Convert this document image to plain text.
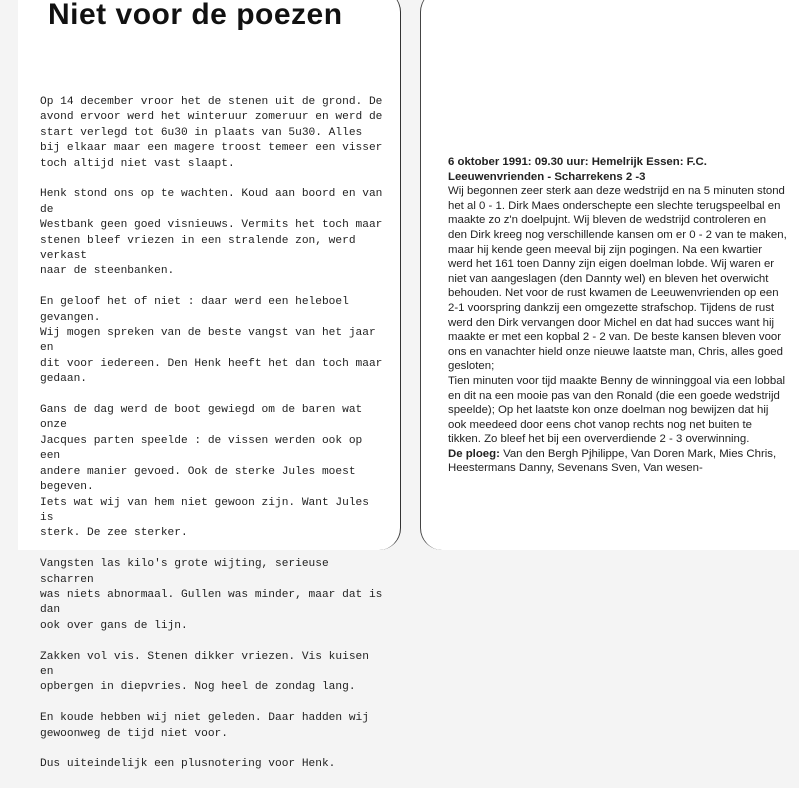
Niet voor de poezen

Op 14 december vroor het de stenen uit de grond. De
avond ervoor werd het winteruur zomeruur en werd de
start verlegd tot 6u30 in plaats van 5u30. Alles
bij elkaar maar een magere troost temeer een visser
toch altijd niet vast slaapt.

Henk stond ons op te wachten. Koud aan boord en van de
Westbank geen goed visnieuws. Vermits het toch maar
stenen bleef vriezen in een stralende zon, werd verkast
naar de steenbanken.

En geloof het of niet : daar werd een heleboel gevangen.
Wij mogen spreken van de beste vangst van het jaar en
dit voor iedereen. Den Henk heeft het dan toch maar
gedaan.

Gans de dag werd de boot gewiegd om de baren wat onze
Jacques parten speelde : de vissen werden ook op een
andere manier gevoed. Ook de sterke Jules moest begeven.
Iets wat wij van hem niet gewoon zijn. Want Jules is
sterk. De zee sterker.

Vangsten las kilo's grote wijting, serieuse scharren
was niets abnormaal. Gullen was minder, maar dat is dan
ook over gans de lijn.

Zakken vol vis. Stenen dikker vriezen. Vis kuisen en
opbergen in diepvries. Nog heel de zondag lang.

En koude hebben wij niet geleden. Daar hadden wij
gewoonweg de tijd niet voor.

Dus uiteindelijk een plusnotering voor Henk.

6 oktober 1991: 09.30 uur: Hemelrijk Essen: F.C. Leeuwenvrienden - Scharrekens 2 -3

Wij begonnen zeer sterk aan deze wedstrijd en na 5 minuten stond het al 0 - 1. Dirk Maes onderschepte een slechte terugspeelbal en maakte zo z'n doelpujnt. Wij bleven de wedstrijd controleren en den Dirk kreeg nog verschillende kansen om er 0 - 2 van te maken, maar hij kende geen meeval bij zijn pogingen. Na een kwartier werd het 161 toen Danny zijn eigen doelman lobde. Wij waren er niet van aangeslagen (den Dannty wel) en bleven het overwicht behouden. Net voor de rust kwamen de Leeuwenvrienden op een 2-1 voorspring dankzij een omgezette strafschop. Tijdens de rust werd den Dirk vervangen door Michel en dat had succes want hij maakte er met een kopbal 2 - 2 van. De beste kansen bleven voor ons en vanachter hield onze nieuwe laatste man, Chris, alles goed gesloten;

Tien minuten voor tijd maakte Benny de winninggoal via een lobbal en dit na een mooie pas van den Ronald (die een goede wedstrijd speelde); Op het laatste kon onze doelman nog bewijzen dat hij ook meedeed door eens chot vanop rechts nog net buiten te tikken. Zo bleef het bij een oververdiende 2 - 3 overwinning.

De ploeg: Van den Bergh Pjhilippe, Van Doren Mark, Mies Chris, Heestermans Danny, Sevenans Sven, Van wesen-
